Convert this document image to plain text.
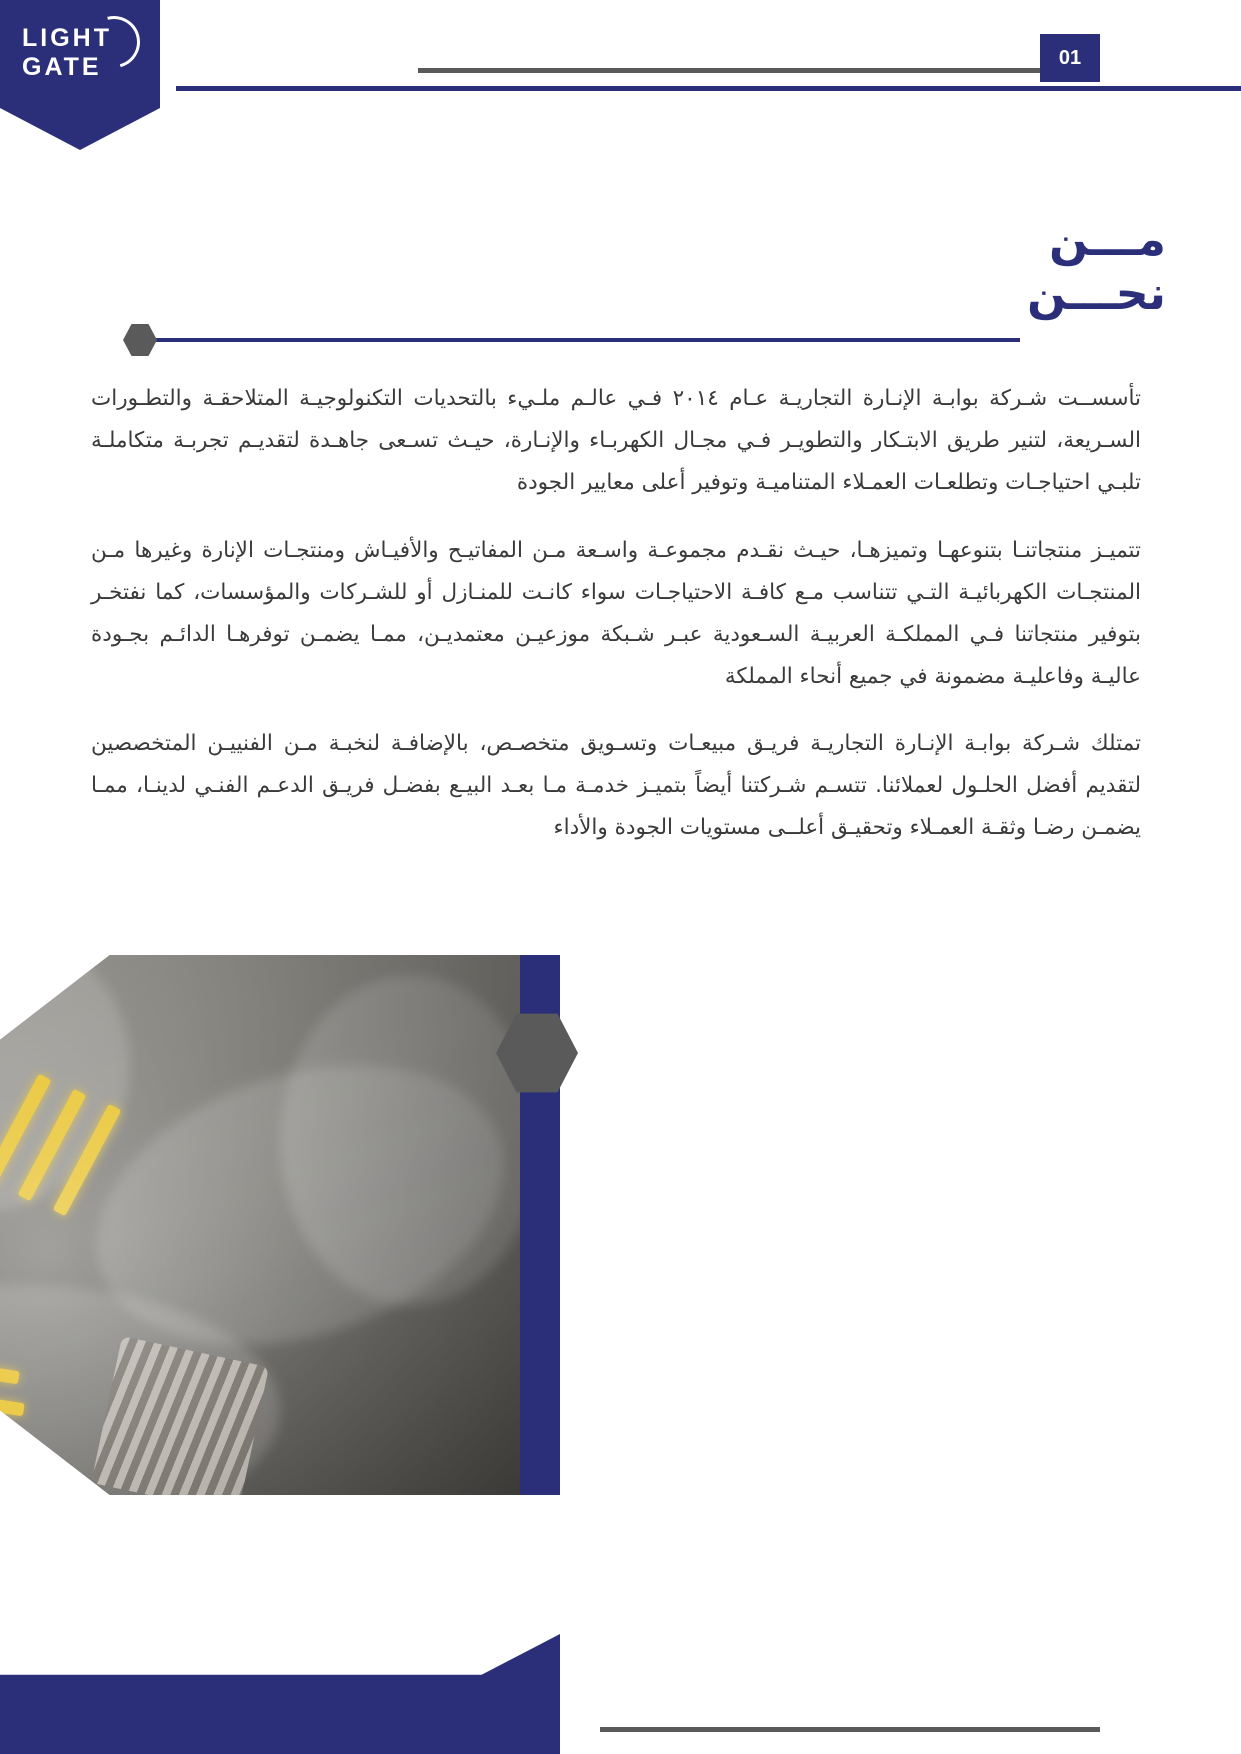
LIGHT GATE	01
مـــن
نحـــن

تأسســت شـركة بوابـة الإنـارة التجاريـة عـام ٢٠١٤ فـي عالـم ملـيء بالتحديات التكنولوجيـة المتلاحقـة والتطـورات السـريعة، لتنير طريق الابتـكار والتطويـر فـي مجـال الكهربـاء والإنـارة، حيـث تسـعى جاهـدة لتقديـم تجربـة متكاملـة تلبـي احتياجـات وتطلعـات العمـلاء المتناميـة وتوفير أعلى معايير الجودة

تتميـز منتجاتنـا بتنوعهـا وتميزهـا، حيـث نقـدم مجموعـة واسـعة مـن المفاتيـح والأفيـاش ومنتجـات الإنارة وغيرها مـن المنتجـات الكهربائيـة التـي تتناسب مـع كافـة الاحتياجـات سواء كانـت للمنـازل أو للشـركات والمؤسسات، كما نفتخـر بتوفير منتجاتنا فـي المملكـة العربيـة السـعودية عبـر شـبكة موزعيـن معتمديـن، ممـا يضمـن توفرهـا الدائـم بجـودة عاليـة وفاعليـة مضمونة في جميع أنحاء المملكة

تمتلك شـركة بوابـة الإنـارة التجاريـة فريـق مبيعـات وتسـويق متخصـص، بالإضافـة لنخبـة مـن الفنييـن المتخصصين لتقديم أفضل الحلـول لعملائنا. تتسـم شـركتنا أيضاً بتميـز خدمـة مـا بعـد البيـع بفضـل فريـق الدعـم الفنـي لدينـا، ممـا يضمـن رضـا وثقـة العمـلاء وتحقيـق أعلــى مستويات الجودة والأداء
